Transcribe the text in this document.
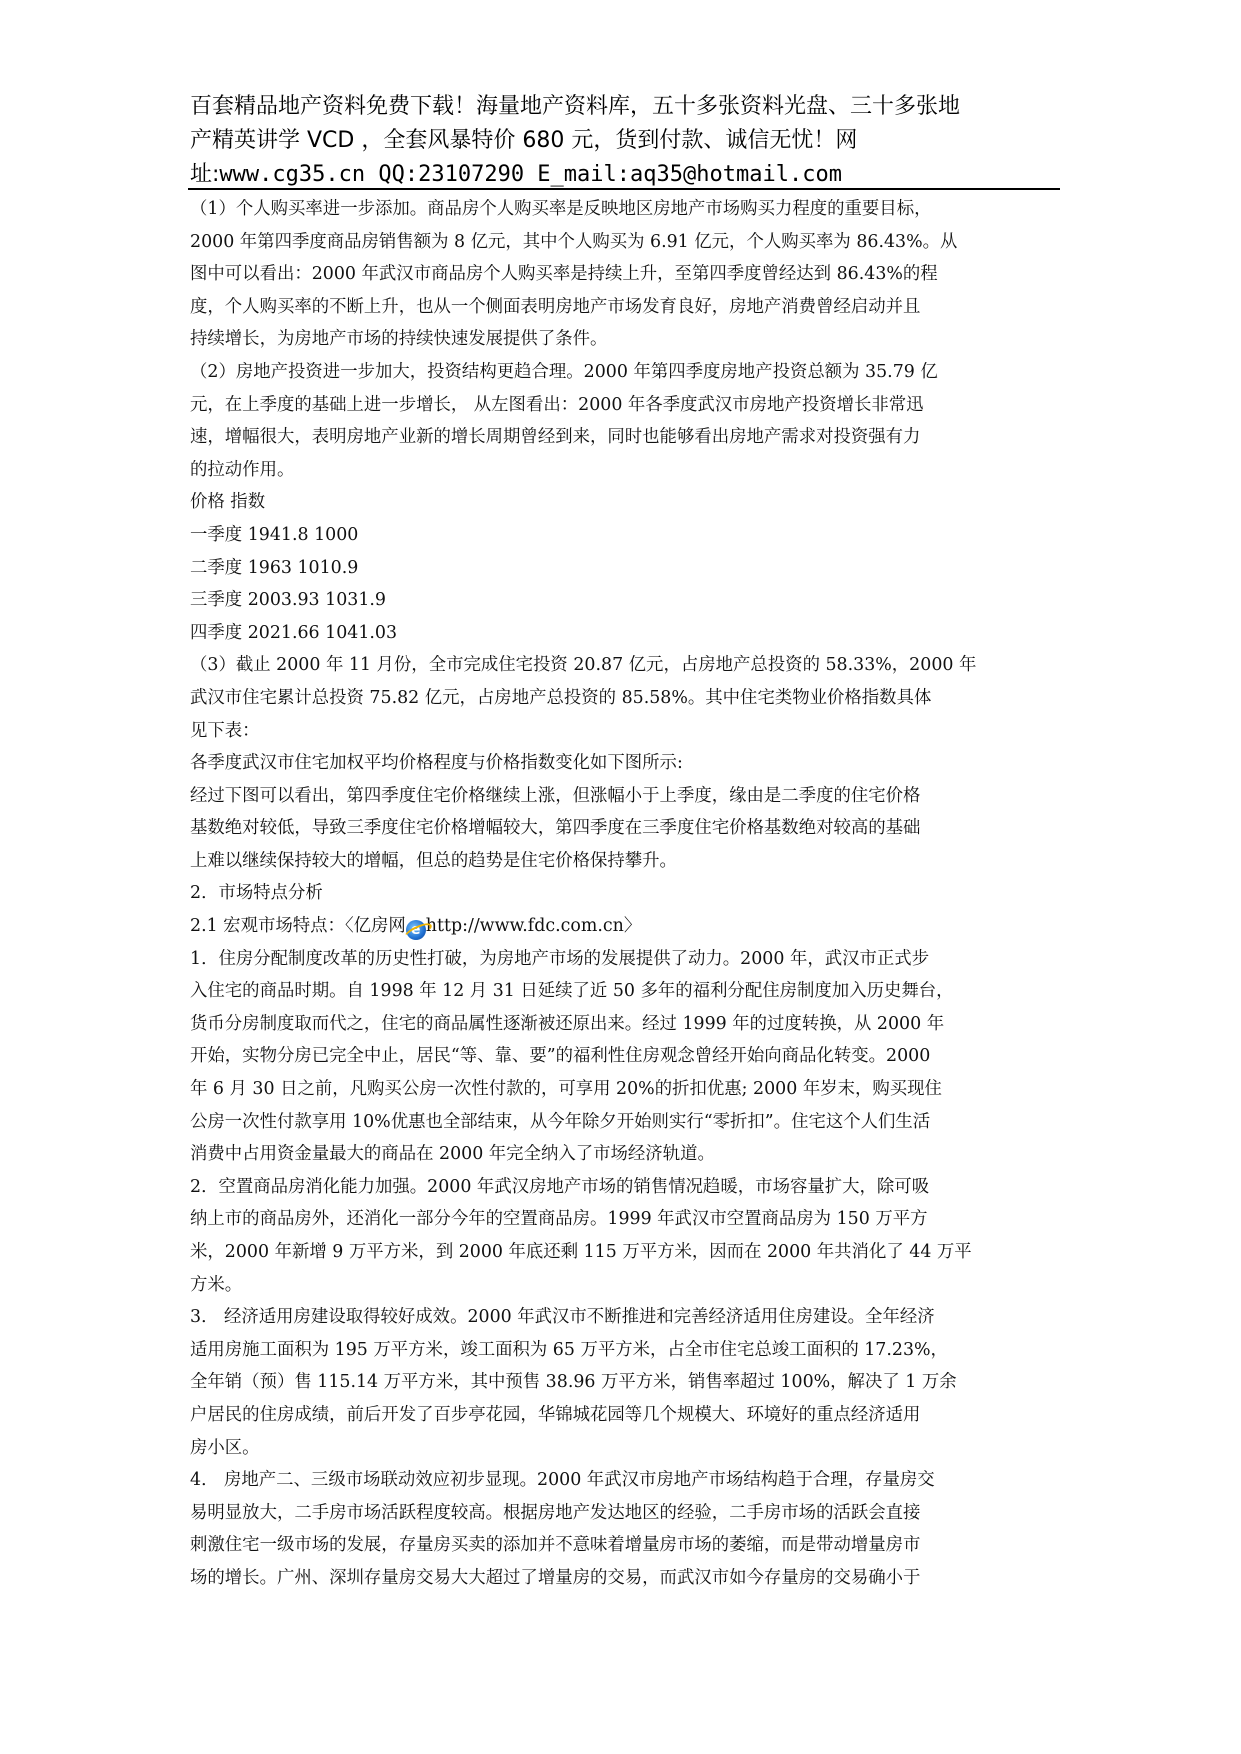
百套精品地产资料免费下载！海量地产资料库，五十多张资料光盘、三十多张地
产精英讲学 VCD ，全套风暴特价 680 元，货到付款、诚信无忧！网
址:www.cg35.cn QQ:23107290 E_mail:aq35@hotmail.com
（1）个人购买率进一步添加。商品房个人购买率是反映地区房地产市场购买力程度的重要目标，
2000 年第四季度商品房销售额为 8 亿元，其中个人购买为 6.91 亿元，个人购买率为 86.43%。从
图中可以看出：2000 年武汉市商品房个人购买率是持续上升，至第四季度曾经达到 86.43%的程
度，个人购买率的不断上升，也从一个侧面表明房地产市场发育良好，房地产消费曾经启动并且
持续增长，为房地产市场的持续快速发展提供了条件。
（2）房地产投资进一步加大，投资结构更趋合理。2000 年第四季度房地产投资总额为 35.79 亿
元，在上季度的基础上进一步增长， 从左图看出：2000 年各季度武汉市房地产投资增长非常迅
速，增幅很大，表明房地产业新的增长周期曾经到来，同时也能够看出房地产需求对投资强有力
的拉动作用。
价格 指数
一季度 1941.8 1000
二季度 1963 1010.9
三季度 2003.93 1031.9
四季度 2021.66 1041.03
（3）截止 2000 年 11 月份，全市完成住宅投资 20.87 亿元，占房地产总投资的 58.33%，2000 年
武汉市住宅累计总投资 75.82 亿元，占房地产总投资的 85.58%。其中住宅类物业价格指数具体
见下表：
各季度武汉市住宅加权平均价格程度与价格指数变化如下图所示:
经过下图可以看出，第四季度住宅价格继续上涨，但涨幅小于上季度，缘由是二季度的住宅价格
基数绝对较低，导致三季度住宅价格增幅较大，第四季度在三季度住宅价格基数绝对较高的基础
上难以继续保持较大的增幅，但总的趋势是住宅价格保持攀升。
2．市场特点分析
2.1 宏观市场特点：〈亿房网 e http://www.fdc.com.cn〉
1．住房分配制度改革的历史性打破，为房地产市场的发展提供了动力。2000 年，武汉市正式步
入住宅的商品时期。自 1998 年 12 月 31 日延续了近 50 多年的福利分配住房制度加入历史舞台，
货币分房制度取而代之，住宅的商品属性逐渐被还原出来。经过 1999 年的过度转换，从 2000 年
开始，实物分房已完全中止，居民“等、靠、要”的福利性住房观念曾经开始向商品化转变。2000
年 6 月 30 日之前，凡购买公房一次性付款的，可享用 20%的折扣优惠; 2000 年岁末，购买现住
公房一次性付款享用 10%优惠也全部结束，从今年除夕开始则实行“零折扣”。住宅这个人们生活
消费中占用资金量最大的商品在 2000 年完全纳入了市场经济轨道。
2．空置商品房消化能力加强。2000 年武汉房地产市场的销售情况趋暖，市场容量扩大，除可吸
纳上市的商品房外，还消化一部分今年的空置商品房。1999 年武汉市空置商品房为 150 万平方
米，2000 年新增 9 万平方米，到 2000 年底还剩 115 万平方米，因而在 2000 年共消化了 44 万平
方米。
3． 经济适用房建设取得较好成效。2000 年武汉市不断推进和完善经济适用住房建设。全年经济
适用房施工面积为 195 万平方米，竣工面积为 65 万平方米，占全市住宅总竣工面积的 17.23%，
全年销（预）售 115.14 万平方米，其中预售 38.96 万平方米，销售率超过 100%，解决了 1 万余
户居民的住房成绩，前后开发了百步亭花园，华锦城花园等几个规模大、环境好的重点经济适用
房小区。
4． 房地产二、三级市场联动效应初步显现。2000 年武汉市房地产市场结构趋于合理，存量房交
易明显放大，二手房市场活跃程度较高。根据房地产发达地区的经验，二手房市场的活跃会直接
刺激住宅一级市场的发展，存量房买卖的添加并不意味着增量房市场的萎缩，而是带动增量房市
场的增长。广州、深圳存量房交易大大超过了增量房的交易，而武汉市如今存量房的交易确小于
